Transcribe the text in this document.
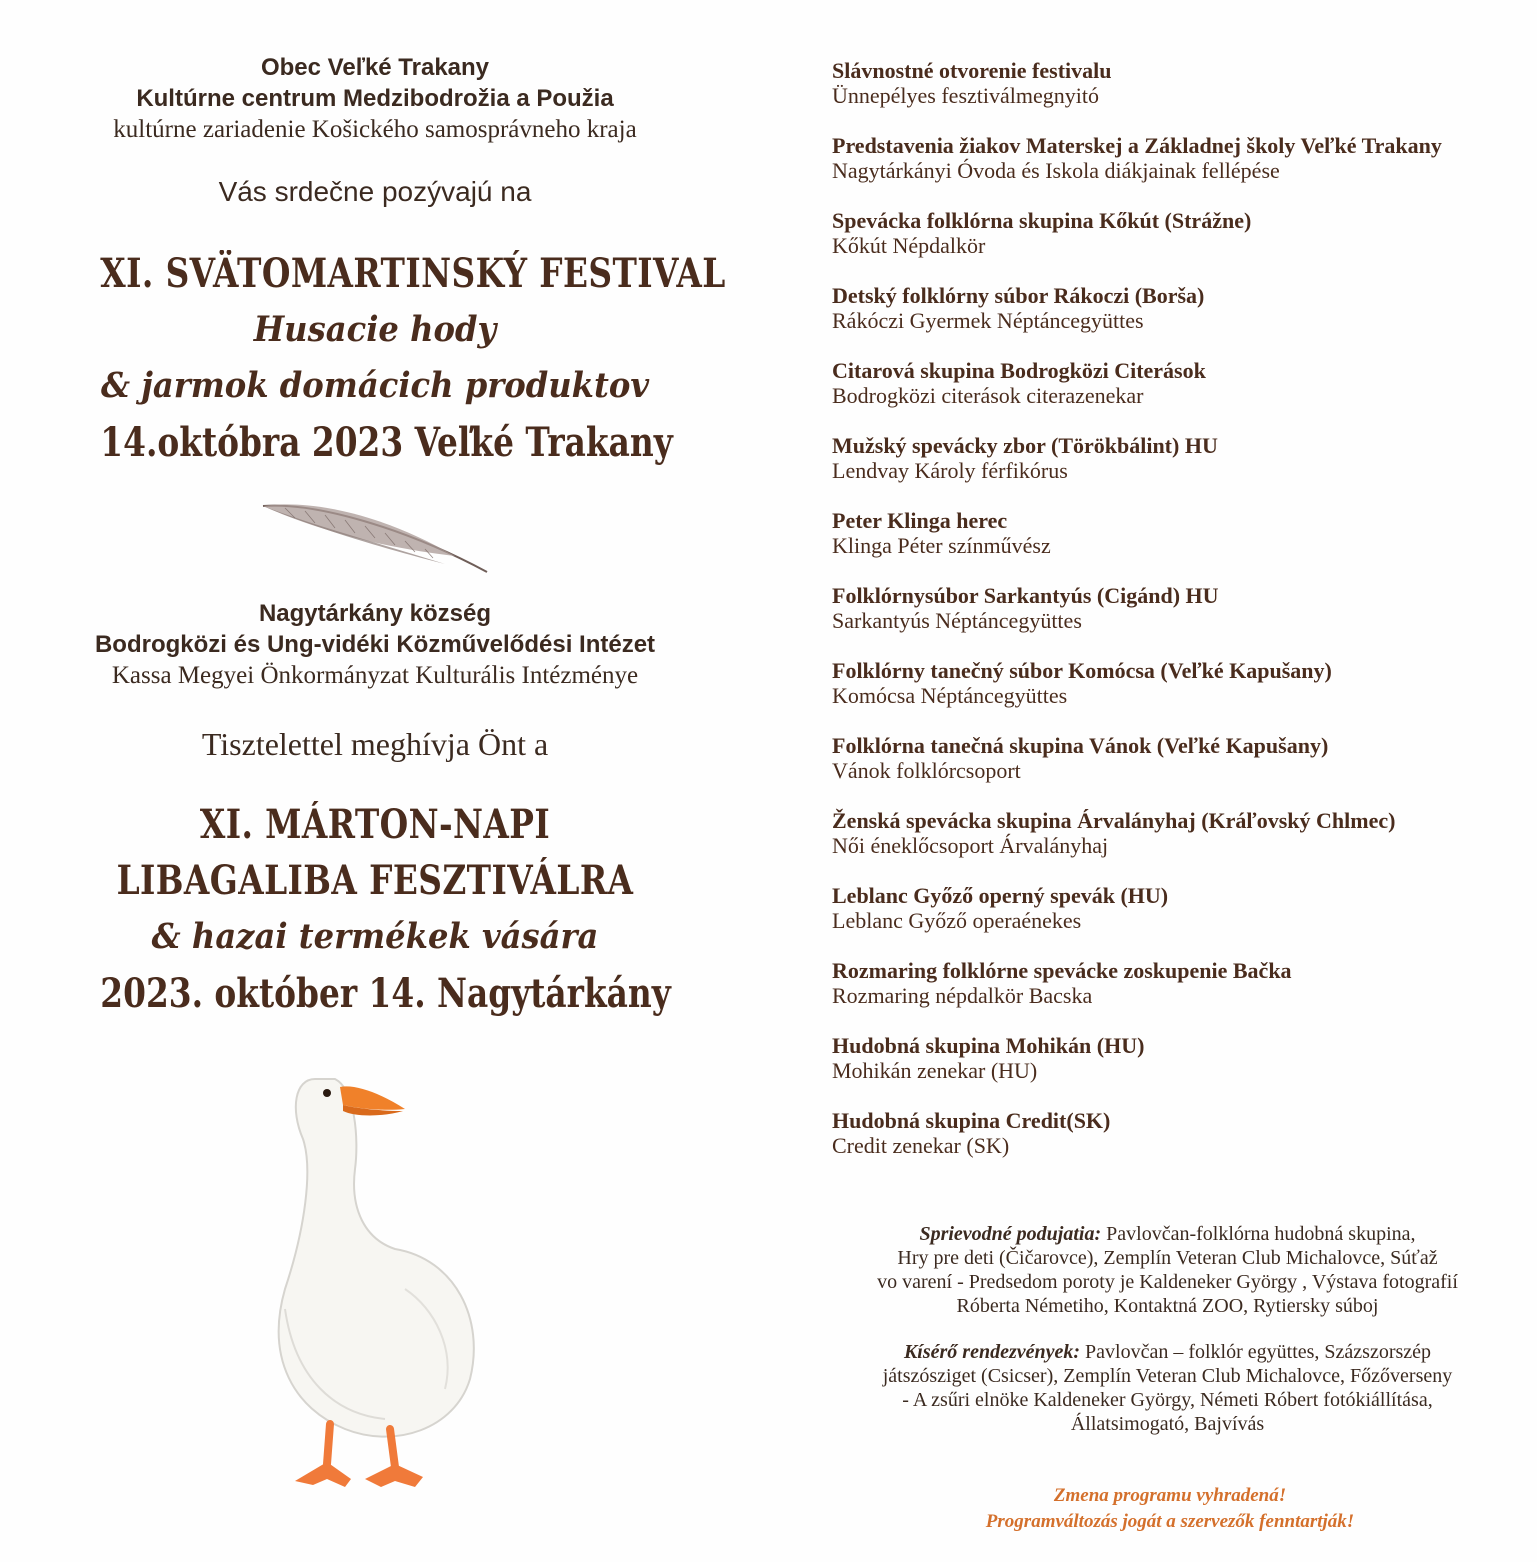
Obec Veľké Trakany
Kultúrne centrum Medzibodrožia a Použia
kultúrne zariadenie Košického samosprávneho kraja
Vás srdečne pozývajú na
XI. SVÄTOMARTINSKÝ FESTIVAL
Husacie hody
& jarmok domácich produktov
14.októbra 2023 Veľké Trakany
Nagytárkány község
Bodrogközi és Ung-vidéki Közművelődési Intézet
Kassa Megyei Önkormányzat Kulturális Intézménye
Tisztelettel meghívja Önt a
XI. MÁRTON-NAPI
LIBAGALIBA FESZTIVÁLRA
& hazai termékek vására
2023. október 14. Nagytárkány
Slávnostné otvorenie festivalu
Ünnepélyes fesztiválmegnyitó
Predstavenia žiakov Materskej a Základnej školy Veľké Trakany
Nagytárkányi Óvoda és Iskola diákjainak fellépése
Spevácka folklórna skupina Kőkút (Strážne)
Kőkút Népdalkör
Detský folklórny súbor Rákoczi (Borša)
Rákóczi Gyermek Néptáncegyüttes
Citarová skupina Bodrogközi Citerások
Bodrogközi citerások citerazenekar
Mužský spevácky zbor (Törökbálint) HU
Lendvay Károly férfikórus
Peter Klinga herec
Klinga Péter színművész
Folklórnysúbor Sarkantyús (Cigánd) HU
Sarkantyús Néptáncegyüttes
Folklórny tanečný súbor Komócsa (Veľké Kapušany)
Komócsa Néptáncegyüttes
Folklórna tanečná skupina Vánok (Veľké Kapušany)
Vánok folklórcsoport
Ženská spevácka skupina Árvalányhaj (Kráľovský Chlmec)
Női éneklőcsoport Árvalányhaj
Leblanc Győző operný spevák (HU)
Leblanc Győző operaénekes
Rozmaring folklórne spevácke zoskupenie Bačka
Rozmaring népdalkör Bacska
Hudobná skupina Mohikán (HU)
Mohikán zenekar (HU)
Hudobná skupina Credit(SK)
Credit zenekar (SK)
Sprievodné podujatia: Pavlovčan-folklórna hudobná skupina,
Hry pre deti (Čičarovce), Zemplín Veteran Club Michalovce, Súťaž
vo varení - Predsedom poroty je Kaldeneker György , Výstava fotografií
Róberta Németiho, Kontaktná ZOO, Rytiersky súboj
Kísérő rendezvények: Pavlovčan – folklór együttes, Százszorszép
játszósziget (Csicser), Zemplín Veteran Club Michalovce, Főzőverseny
- A zsűri elnöke Kaldeneker György, Németi Róbert fotókiállítása,
Állatsimogató, Bajvívás
Zmena programu vyhradená!
Programváltozás jogát a szervezők fenntartják!
